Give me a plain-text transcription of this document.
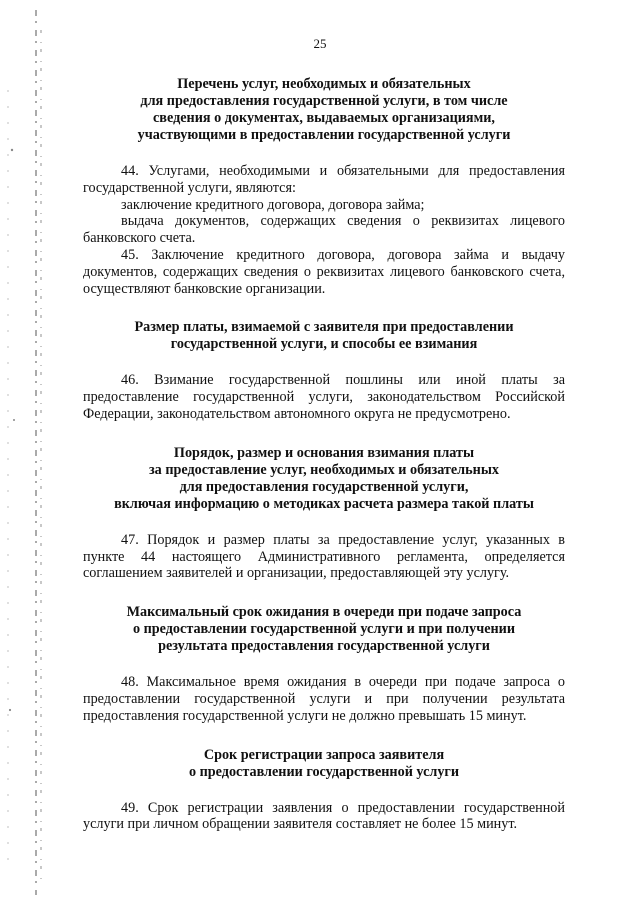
25
Перечень услуг, необходимых и обязательных
для предоставления государственной услуги, в том числе
сведения о документах, выдаваемых организациями,
участвующими в предоставлении государственной услуги

44. Услугами, необходимыми и обязательными для предоставления государственной услуги, являются:

заключение кредитного договора, договора займа;

выдача документов, содержащих сведения о реквизитах лицевого банковского счета.

45. Заключение кредитного договора, договора займа и выдачу документов, содержащих сведения о реквизитах лицевого банковского счета, осуществляют банковские организации.

Размер платы, взимаемой с заявителя при предоставлении
государственной услуги, и способы ее взимания

46. Взимание государственной пошлины или иной платы за предоставление государственной услуги, законодательством Российской Федерации, законодательством автономного округа не предусмотрено.

Порядок, размер и основания взимания платы
за предоставление услуг, необходимых и обязательных
для предоставления государственной услуги,
включая информацию о методиках расчета размера такой платы

47. Порядок и размер платы за предоставление услуг, указанных в пункте 44 настоящего Административного регламента, определяется соглашением заявителей и организации, предоставляющей эту услугу.

Максимальный срок ожидания в очереди при подаче запроса
о предоставлении государственной услуги и при получении
результата предоставления государственной услуги

48. Максимальное время ожидания в очереди при подаче запроса о предоставлении государственной услуги и при получении результата предоставления государственной услуги не должно превышать 15 минут.

Срок регистрации запроса заявителя
о предоставлении государственной услуги

49. Срок регистрации заявления о предоставлении государственной услуги при личном обращении заявителя составляет не более 15 минут.
